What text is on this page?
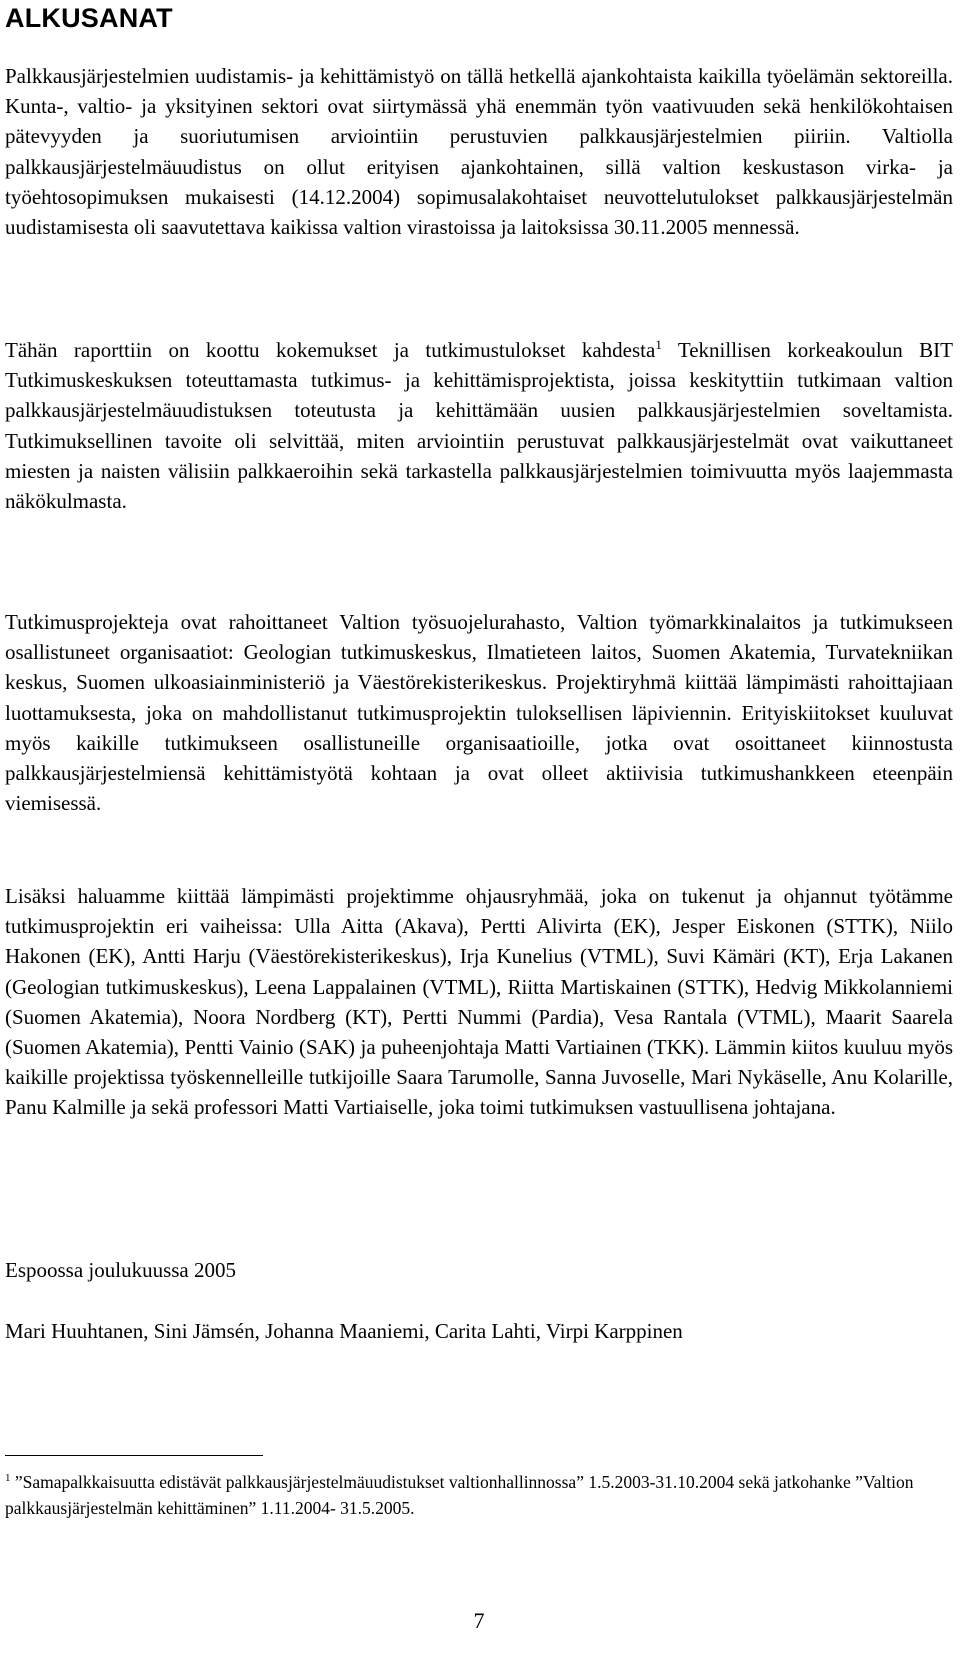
ALKUSANAT

Palkkausjärjestelmien uudistamis- ja kehittämistyö on tällä hetkellä ajankohtaista kaikilla työelämän sektoreilla. Kunta-, valtio- ja yksityinen sektori ovat siirtymässä yhä enemmän työn vaativuuden sekä henkilökohtaisen pätevyyden ja suoriutumisen arviointiin perustuvien palkkausjärjestelmien piiriin. Valtiolla palkkausjärjestelmäuudistus on ollut erityisen ajankohtainen, sillä valtion keskustason virka- ja työehtosopimuksen mukaisesti (14.12.2004) sopimusalakohtaiset neuvottelutulokset palkkausjärjestelmän uudistamisesta oli saavutettava kaikissa valtion virastoissa ja laitoksissa 30.11.2005 mennessä.

Tähän raporttiin on koottu kokemukset ja tutkimustulokset kahdesta$^1$ Teknillisen korkeakoulun BIT Tutkimuskeskuksen toteuttamasta tutkimus- ja kehittämisprojektista, joissa keskityttiin tutkimaan valtion palkkausjärjestelmäuudistuksen toteutusta ja kehittämään uusien palkkausjärjestelmien soveltamista. Tutkimuksellinen tavoite oli selvittää, miten arviointiin perustuvat palkkausjärjestelmät ovat vaikuttaneet miesten ja naisten välisiin palkkaeroihin sekä tarkastella palkkausjärjestelmien toimivuutta myös laajemmasta näkökulmasta.

Tutkimusprojekteja ovat rahoittaneet Valtion työsuojelurahasto, Valtion työmarkkinalaitos ja tutkimukseen osallistuneet organisaatiot: Geologian tutkimuskeskus, Ilmatieteen laitos, Suomen Akatemia, Turvatekniikan keskus, Suomen ulkoasiainministeriö ja Väestörekisterikeskus. Projektiryhmä kiittää lämpimästi rahoittajiaan luottamuksesta, joka on mahdollistanut tutkimusprojektin tuloksellisen läpiviennin. Erityiskiitokset kuuluvat myös kaikille tutkimukseen osallistuneille organisaatioille, jotka ovat osoittaneet kiinnostusta palkkausjärjestelmiensä kehittämistyötä kohtaan ja ovat olleet aktiivisia tutkimushankkeen eteenpäin viemisessä.

Lisäksi haluamme kiittää lämpimästi projektimme ohjausryhmää, joka on tukenut ja ohjannut työtämme tutkimusprojektin eri vaiheissa: Ulla Aitta (Akava), Pertti Alivirta (EK), Jesper Eiskonen (STTK), Niilo Hakonen (EK), Antti Harju (Väestörekisterikeskus), Irja Kunelius (VTML), Suvi Kämäri (KT), Erja Lakanen (Geologian tutkimuskeskus), Leena Lappalainen (VTML), Riitta Martiskainen (STTK), Hedvig Mikkolanniemi (Suomen Akatemia), Noora Nordberg (KT), Pertti Nummi (Pardia), Vesa Rantala (VTML), Maarit Saarela (Suomen Akatemia), Pentti Vainio (SAK) ja puheenjohtaja Matti Vartiainen (TKK). Lämmin kiitos kuuluu myös kaikille projektissa työskennelleille tutkijoille Saara Tarumolle, Sanna Juvoselle, Mari Nykäselle, Anu Kolarille, Panu Kalmille ja sekä professori Matti Vartiaiselle, joka toimi tutkimuksen vastuullisena johtajana.

Espoossa joulukuussa 2005

Mari Huuhtanen, Sini Jämsén, Johanna Maaniemi, Carita Lahti, Virpi Karppinen

$^1$ ”Samapalkkaisuutta edistävät palkkausjärjestelmäuudistukset valtionhallinnossa” 1.5.2003-31.10.2004 sekä jatkohanke ”Valtion palkkausjärjestelmän kehittäminen” 1.11.2004- 31.5.2005.

7
